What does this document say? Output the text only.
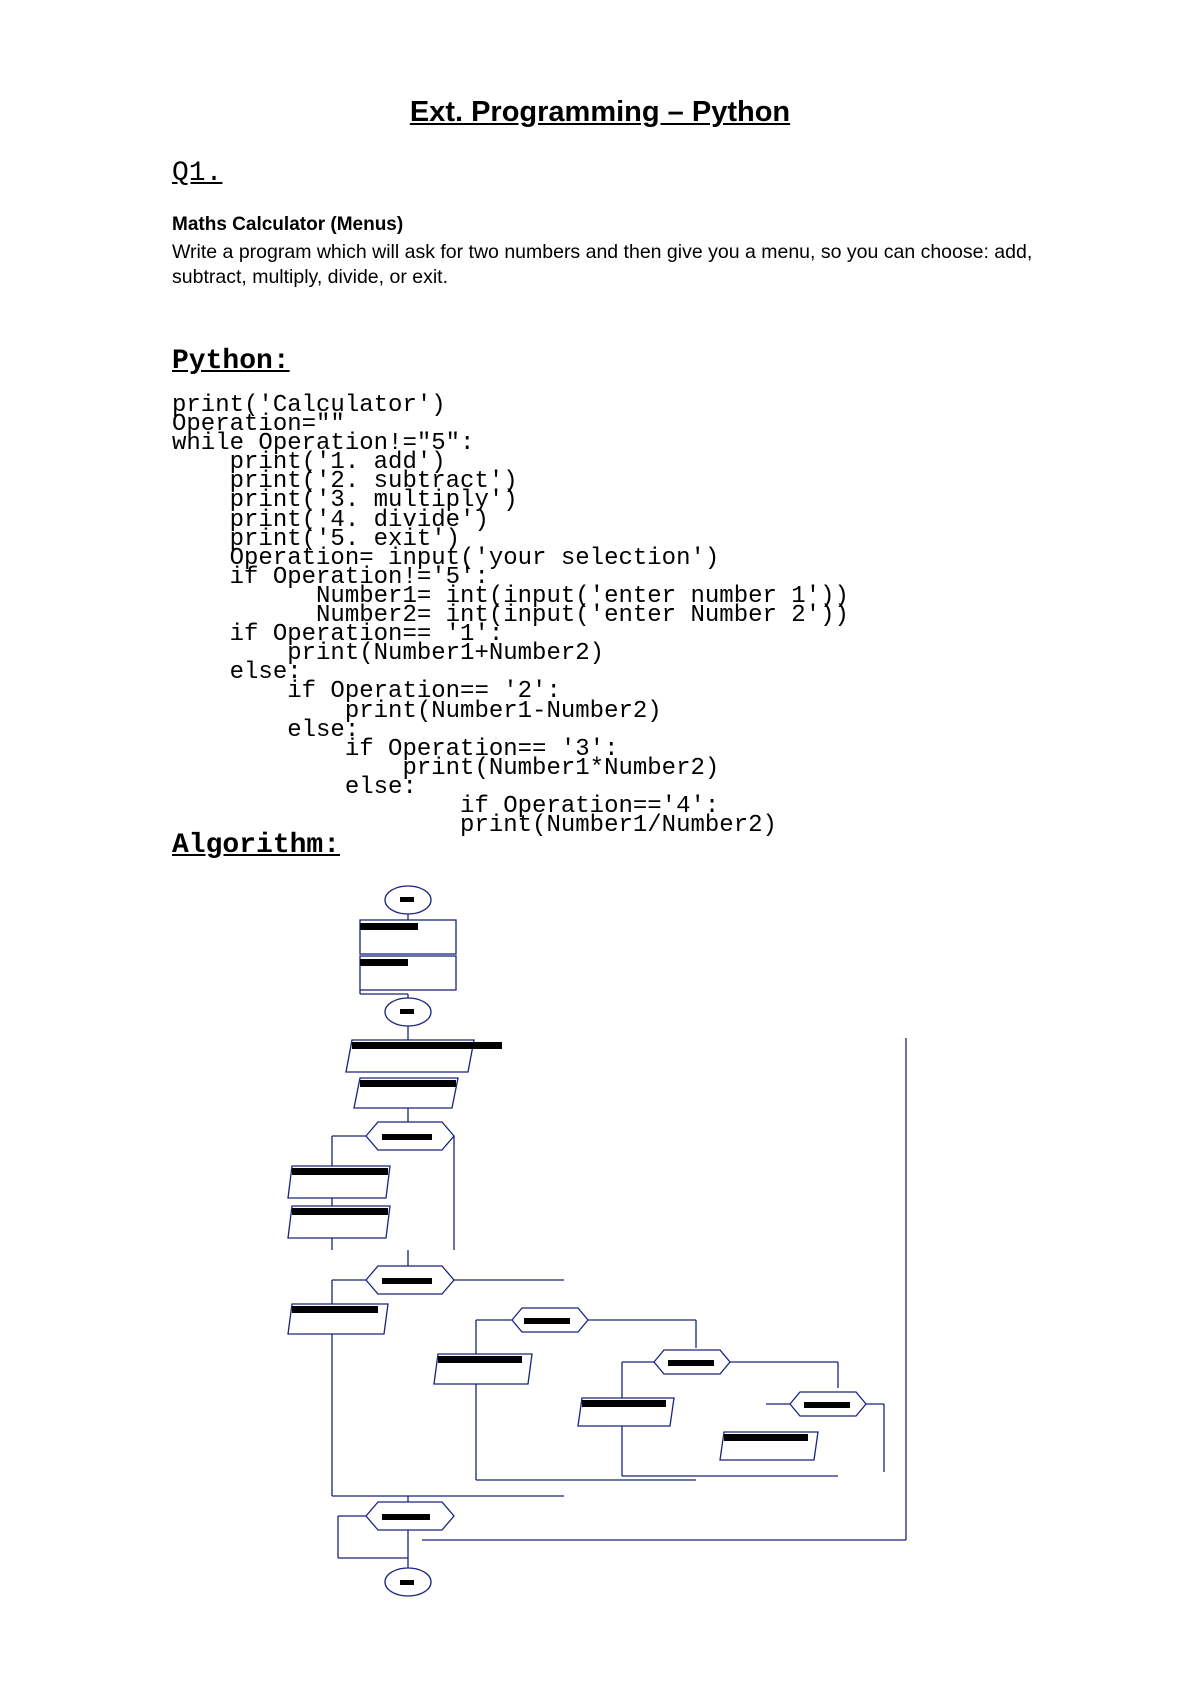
Ext. Programming – Python
Q1.
Maths Calculator (Menus)
Write a program which will ask for two numbers and then give you a menu, so you can choose: add, subtract, multiply, divide, or exit.
Python:
print('Calculator')
Operation=""
while Operation!="5":
print('1. add')
print('2. subtract')
print('3. multiply')
print('4. divide')
print('5. exit')
Operation= input('your selection')
if Operation!='5':
Number1= int(input('enter number 1'))
Number2= int(input('enter Number 2'))
if Operation== '1':
print(Number1+Number2)
else:
if Operation== '2':
print(Number1-Number2)
else:
if Operation== '3':
print(Number1*Number2)
else:
if Operation=='4':
print(Number1/Number2)
Algorithm:
